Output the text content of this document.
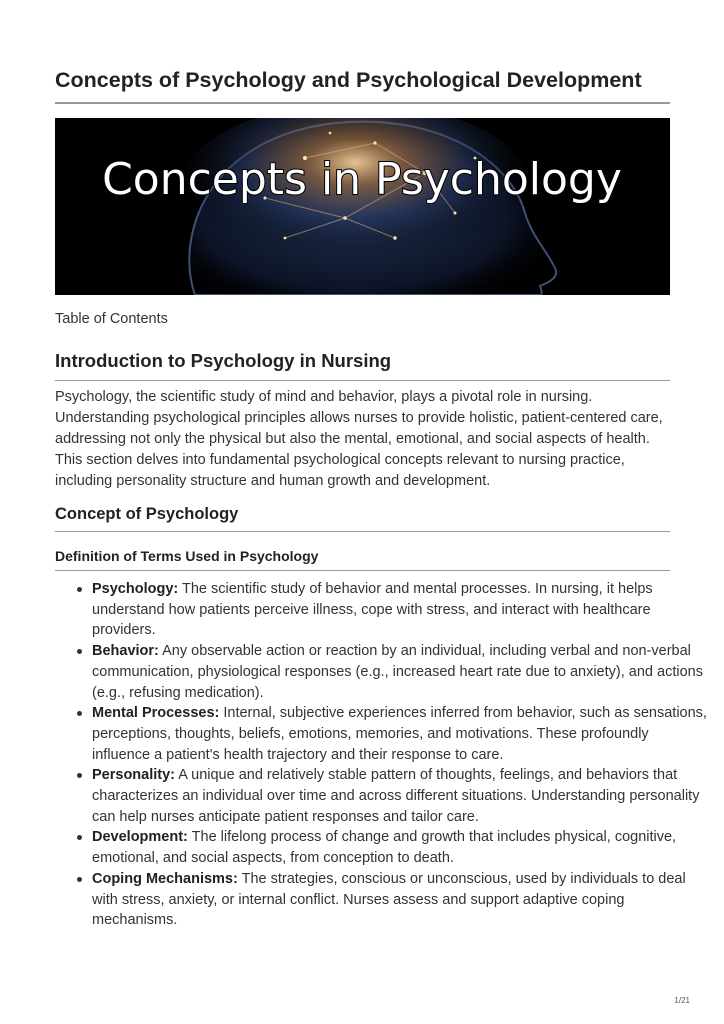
Concepts of Psychology and Psychological Development
Concepts in Psychology
Table of Contents
Introduction to Psychology in Nursing

Psychology, the scientific study of mind and behavior, plays a pivotal role in nursing. Understanding psychological principles allows nurses to provide holistic, patient-centered care, addressing not only the physical but also the mental, emotional, and social aspects of health. This section delves into fundamental psychological concepts relevant to nursing practice, including personality structure and human growth and development.

Concept of Psychology
Definition of Terms Used in Psychology
Psychology: The scientific study of behavior and mental processes. In nursing, it helps understand how patients perceive illness, cope with stress, and interact with healthcare providers.
Behavior: Any observable action or reaction by an individual, including verbal and non-verbal communication, physiological responses (e.g., increased heart rate due to anxiety), and actions (e.g., refusing medication).
Mental Processes: Internal, subjective experiences inferred from behavior, such as sensations, perceptions, thoughts, beliefs, emotions, memories, and motivations. These profoundly influence a patient's health trajectory and their response to care.
Personality: A unique and relatively stable pattern of thoughts, feelings, and behaviors that characterizes an individual over time and across different situations. Understanding personality can help nurses anticipate patient responses and tailor care.
Development: The lifelong process of change and growth that includes physical, cognitive, emotional, and social aspects, from conception to death.
Coping Mechanisms: The strategies, conscious or unconscious, used by individuals to deal with stress, anxiety, or internal conflict. Nurses assess and support adaptive coping mechanisms.
1/21
